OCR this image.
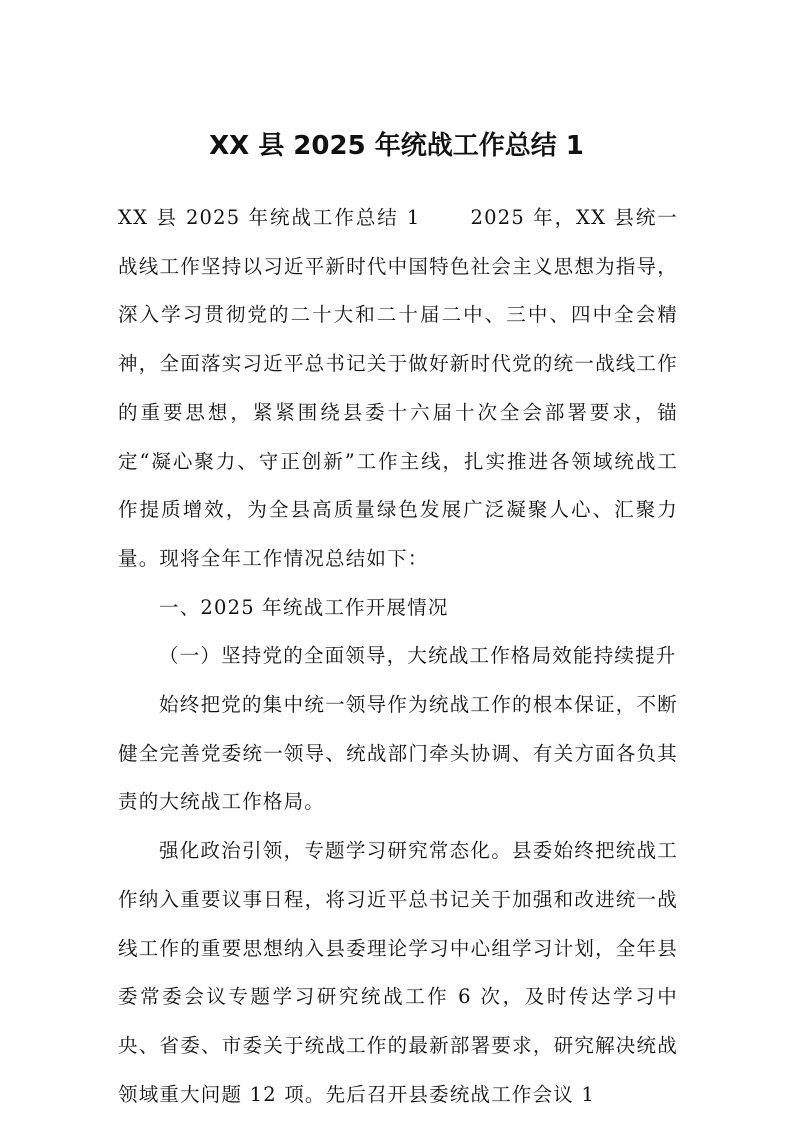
XX 县 2025 年统战工作总结 1

XX 县 2025 年统战工作总结 1	2025 年，XX 县统一战线工作坚持以习近平新时代中国特色社会主义思想为指导，深入学习贯彻党的二十大和二十届二中、三中、四中全会精神，全面落实习近平总书记关于做好新时代党的统一战线工作的重要思想，紧紧围绕县委十六届十次全会部署要求，锚定“凝心聚力、守正创新”工作主线，扎实推进各领域统战工作提质增效，为全县高质量绿色发展广泛凝聚人心、汇聚力量。现将全年工作情况总结如下：

一、2025 年统战工作开展情况

（一）坚持党的全面领导，大统战工作格局效能持续提升

始终把党的集中统一领导作为统战工作的根本保证，不断健全完善党委统一领导、统战部门牵头协调、有关方面各负其责的大统战工作格局。

强化政治引领，专题学习研究常态化。县委始终把统战工作纳入重要议事日程，将习近平总书记关于加强和改进统一战线工作的重要思想纳入县委理论学习中心组学习计划，全年县委常委会议专题学习研究统战工作 6 次，及时传达学习中央、省委、市委关于统战工作的最新部署要求，研究解决统战领域重大问题 12 项。先后召开县委统战工作会议 1
